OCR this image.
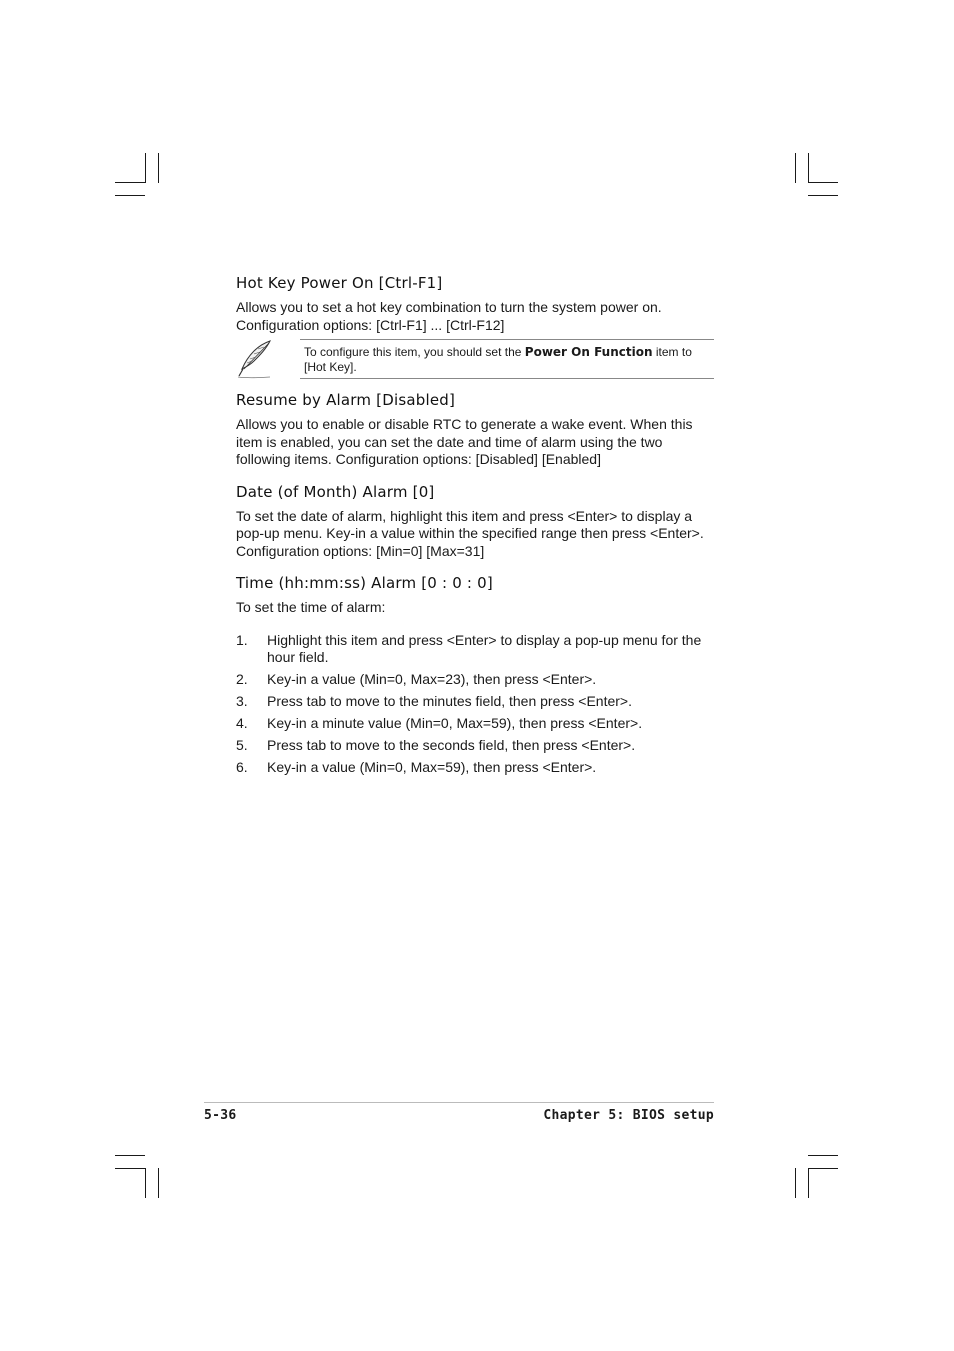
Hot Key Power On [Ctrl-F1]

Allows you to set a hot key combination to turn the system power on. Configuration options: [Ctrl-F1] ... [Ctrl-F12]

To configure this item, you should set the Power On Function item to [Hot Key].
Resume by Alarm [Disabled]

Allows you to enable or disable RTC to generate a wake event. When this item is enabled, you can set the date and time of alarm using the two following items. Configuration options: [Disabled] [Enabled]

Date (of Month) Alarm [0]

To set the date of alarm, highlight this item and press <Enter> to display a pop-up menu. Key-in a value within the specified range then press <Enter>. Configuration options: [Min=0] [Max=31]

Time (hh:mm:ss) Alarm [0 : 0 : 0]

To set the time of alarm:

1. Highlight this item and press <Enter> to display a pop-up menu for the hour field.
2. Key-in a value (Min=0, Max=23), then press <Enter>.
3. Press tab to move to the minutes field, then press <Enter>.
4. Key-in a minute value (Min=0, Max=59), then press <Enter>.
5. Press tab to move to the seconds field, then press <Enter>.
6. Key-in a value (Min=0, Max=59), then press <Enter>.
5-36	Chapter 5: BIOS setup
